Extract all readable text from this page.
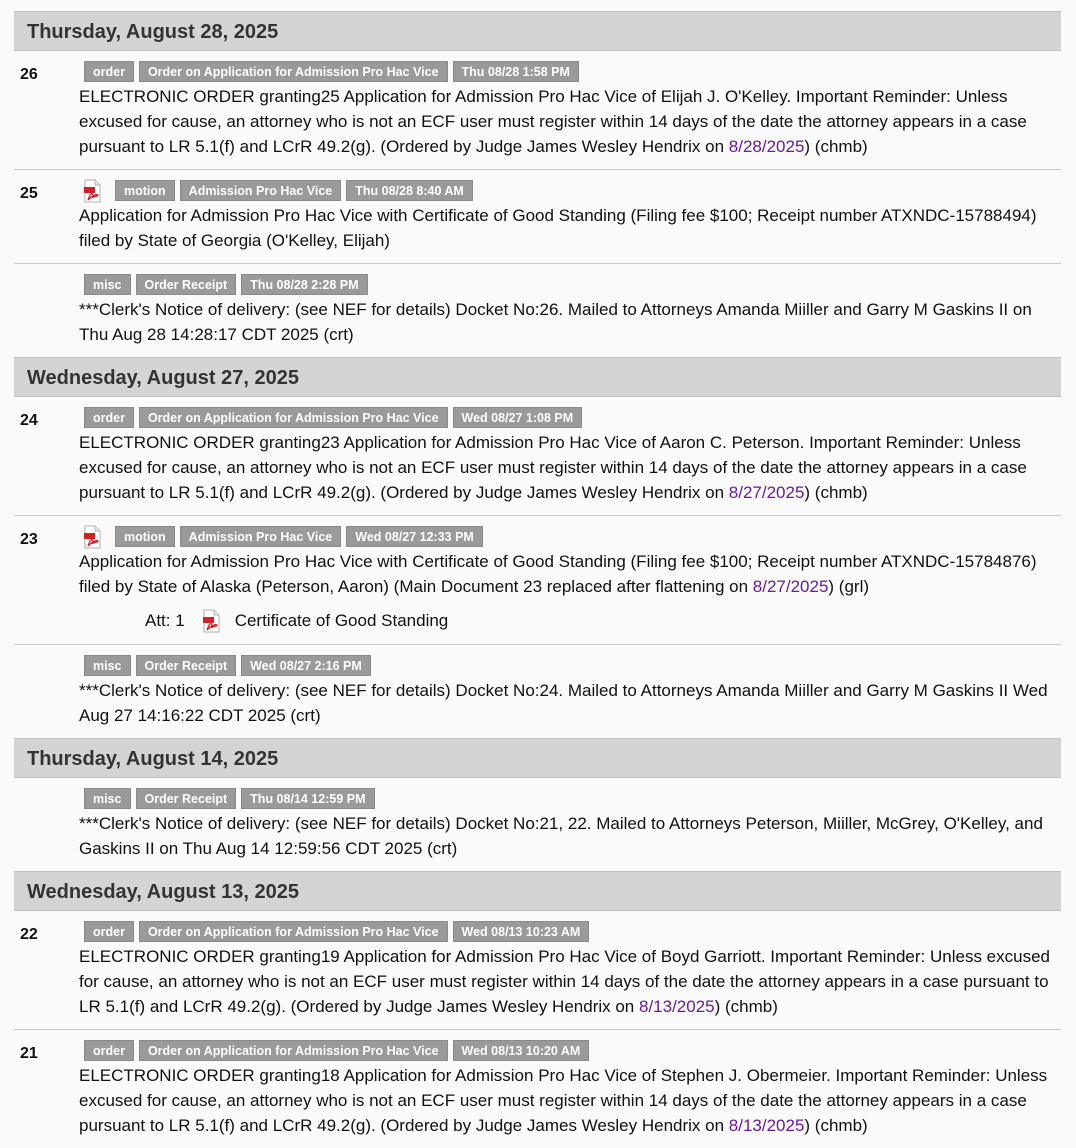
Thursday, August 28, 2025
26	order	Order on Application for Admission Pro Hac Vice	Thu 08/28 1:58 PM
ELECTRONIC ORDER granting25 Application for Admission Pro Hac Vice of Elijah J. O'Kelley. Important Reminder: Unless excused for cause, an attorney who is not an ECF user must register within 14 days of the date the attorney appears in a case pursuant to LR 5.1(f) and LCrR 49.2(g). (Ordered by Judge James Wesley Hendrix on 8/28/2025) (chmb)
25	motion	Admission Pro Hac Vice	Thu 08/28 8:40 AM
Application for Admission Pro Hac Vice with Certificate of Good Standing (Filing fee $100; Receipt number ATXNDC-15788494) filed by State of Georgia (O'Kelley, Elijah)
misc	Order Receipt	Thu 08/28 2:28 PM
***Clerk's Notice of delivery: (see NEF for details) Docket No:26. Mailed to Attorneys Amanda Miiller and Garry M Gaskins II on Thu Aug 28 14:28:17 CDT 2025 (crt)
Wednesday, August 27, 2025
24	order	Order on Application for Admission Pro Hac Vice	Wed 08/27 1:08 PM
ELECTRONIC ORDER granting23 Application for Admission Pro Hac Vice of Aaron C. Peterson. Important Reminder: Unless excused for cause, an attorney who is not an ECF user must register within 14 days of the date the attorney appears in a case pursuant to LR 5.1(f) and LCrR 49.2(g). (Ordered by Judge James Wesley Hendrix on 8/27/2025) (chmb)
23	motion	Admission Pro Hac Vice	Wed 08/27 12:33 PM
Application for Admission Pro Hac Vice with Certificate of Good Standing (Filing fee $100; Receipt number ATXNDC-15784876) filed by State of Alaska (Peterson, Aaron) (Main Document 23 replaced after flattening on 8/27/2025) (grl)
Att: 1	Certificate of Good Standing
misc	Order Receipt	Wed 08/27 2:16 PM
***Clerk's Notice of delivery: (see NEF for details) Docket No:24. Mailed to Attorneys Amanda Miiller and Garry M Gaskins II Wed Aug 27 14:16:22 CDT 2025 (crt)
Thursday, August 14, 2025
misc	Order Receipt	Thu 08/14 12:59 PM
***Clerk's Notice of delivery: (see NEF for details) Docket No:21, 22. Mailed to Attorneys Peterson, Miiller, McGrey, O'Kelley, and Gaskins II on Thu Aug 14 12:59:56 CDT 2025 (crt)
Wednesday, August 13, 2025
22	order	Order on Application for Admission Pro Hac Vice	Wed 08/13 10:23 AM
ELECTRONIC ORDER granting19 Application for Admission Pro Hac Vice of Boyd Garriott. Important Reminder: Unless excused for cause, an attorney who is not an ECF user must register within 14 days of the date the attorney appears in a case pursuant to LR 5.1(f) and LCrR 49.2(g). (Ordered by Judge James Wesley Hendrix on 8/13/2025) (chmb)
21	order	Order on Application for Admission Pro Hac Vice	Wed 08/13 10:20 AM
ELECTRONIC ORDER granting18 Application for Admission Pro Hac Vice of Stephen J. Obermeier. Important Reminder: Unless excused for cause, an attorney who is not an ECF user must register within 14 days of the date the attorney appears in a case pursuant to LR 5.1(f) and LCrR 49.2(g). (Ordered by Judge James Wesley Hendrix on 8/13/2025) (chmb)
